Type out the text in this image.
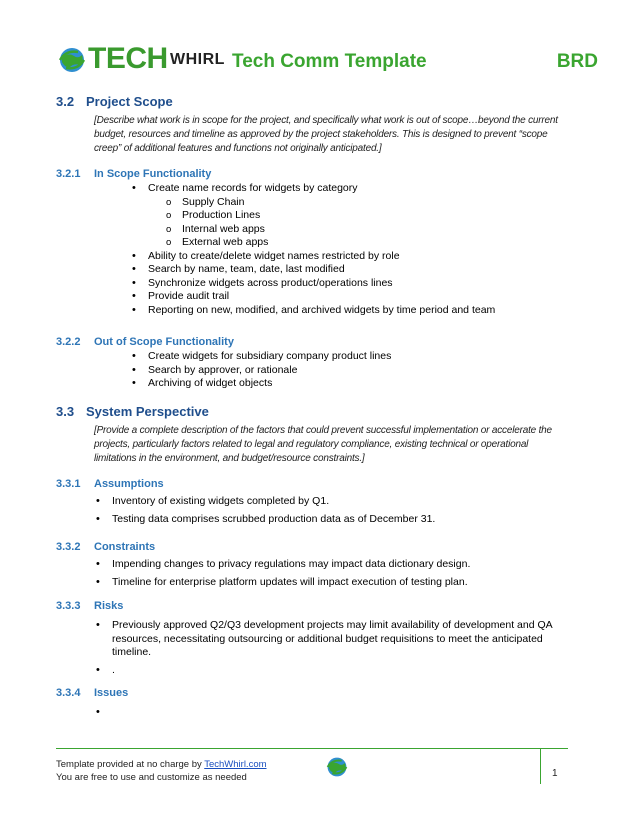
TECH WHIRL Tech Comm Template	BRD
3.2 Project Scope
[Describe what work is in scope for the project, and specifically what work is out of scope…beyond the current budget, resources and timeline as approved by the project stakeholders. This is designed to prevent “scope creep” of additional features and functions not originally anticipated.]
3.2.1 In Scope Functionality
• Create name records for widgets by category
o Supply Chain
o Production Lines
o Internal web apps
o External web apps
• Ability to create/delete widget names restricted by role
• Search by name, team, date, last modified
• Synchronize widgets across product/operations lines
• Provide audit trail
• Reporting on new, modified, and archived widgets by time period and team
3.2.2 Out of Scope Functionality
• Create widgets for subsidiary company product lines
• Search by approver, or rationale
• Archiving of widget objects
3.3 System Perspective
[Provide a complete description of the factors that could prevent successful implementation or accelerate the projects, particularly factors related to legal and regulatory compliance, existing technical or operational limitations in the environment, and budget/resource constraints.]
3.3.1 Assumptions
• Inventory of existing widgets completed by Q1.
• Testing data comprises scrubbed production data as of December 31.
3.3.2 Constraints
• Impending changes to privacy regulations may impact data dictionary design.
• Timeline for enterprise platform updates will impact execution of testing plan.
3.3.3 Risks
• Previously approved Q2/Q3 development projects may limit availability of development and QA resources, necessitating outsourcing or additional budget requisitions to meet the anticipated timeline.
• .
3.3.4 Issues
•
Template provided at no charge by TechWhirl.com
You are free to use and customize as needed	1
